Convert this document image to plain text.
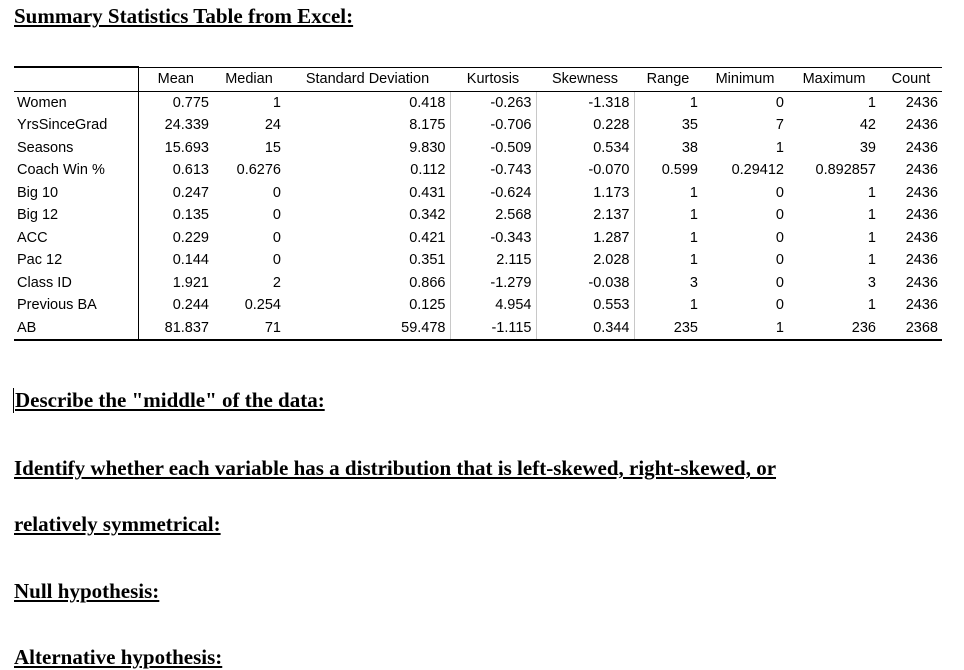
Summary Statistics Table from Excel:
	Mean	Median	Standard Deviation	Kurtosis	Skewness	Range	Minimum	Maximum	Count
Women	0.775	1	0.418	-0.263	-1.318	1	0	1	2436
YrsSinceGrad	24.339	24	8.175	-0.706	0.228	35	7	42	2436
Seasons	15.693	15	9.830	-0.509	0.534	38	1	39	2436
Coach Win %	0.613	0.6276	0.112	-0.743	-0.070	0.599	0.29412	0.892857	2436
Big 10	0.247	0	0.431	-0.624	1.173	1	0	1	2436
Big 12	0.135	0	0.342	2.568	2.137	1	0	1	2436
ACC	0.229	0	0.421	-0.343	1.287	1	0	1	2436
Pac 12	0.144	0	0.351	2.115	2.028	1	0	1	2436
Class ID	1.921	2	0.866	-1.279	-0.038	3	0	3	2436
Previous BA	0.244	0.254	0.125	4.954	0.553	1	0	1	2436
AB	81.837	71	59.478	-1.115	0.344	235	1	236	2368
Describe the "middle" of the data:
Identify whether each variable has a distribution that is left-skewed, right-skewed, or
relatively symmetrical:
Null hypothesis:
Alternative hypothesis:
